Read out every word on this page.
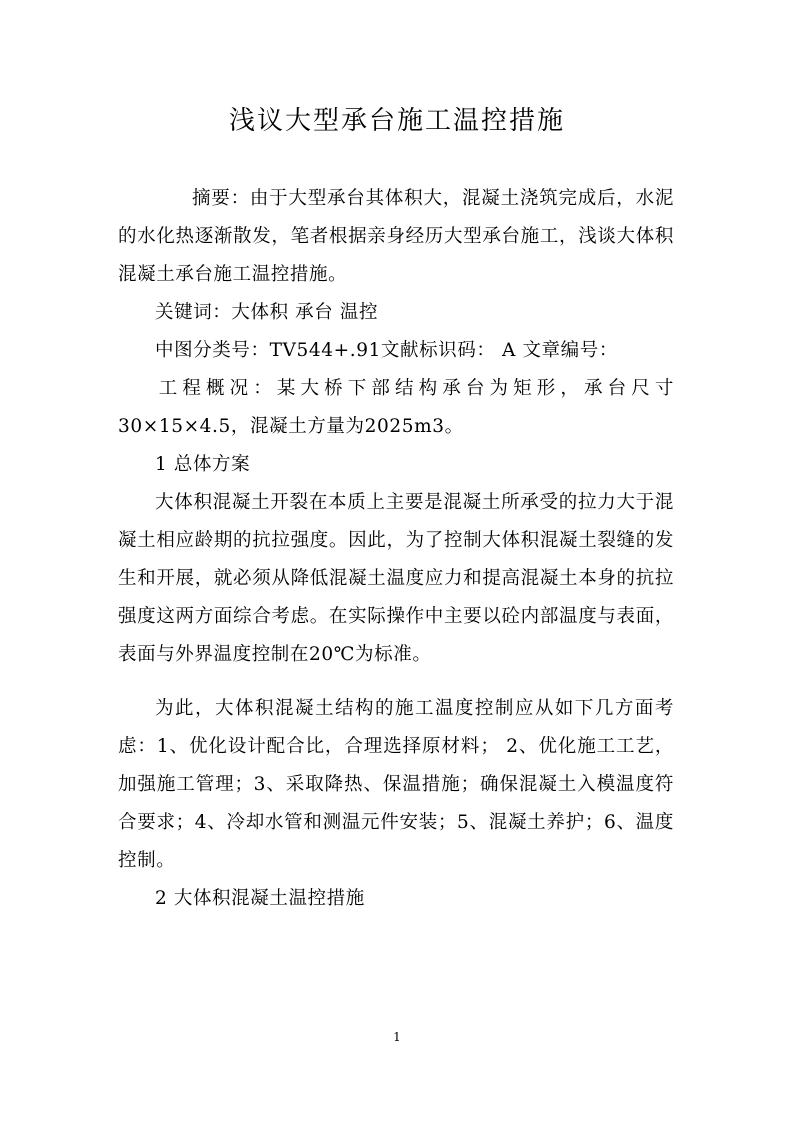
浅议大型承台施工温控措施

摘要：由于大型承台其体积大，混凝土浇筑完成后，水泥的水化热逐渐散发，笔者根据亲身经历大型承台施工，浅谈大体积混凝土承台施工温控措施。

关键词：大体积 承台 温控

中图分类号：TV544+.91文献标识码： A 文章编号：

工程概况：某大桥下部结构承台为矩形，承台尺寸30×15×4.5，混凝土方量为2025m3。

1 总体方案

大体积混凝土开裂在本质上主要是混凝土所承受的拉力大于混凝土相应龄期的抗拉强度。因此，为了控制大体积混凝土裂缝的发生和开展，就必须从降低混凝土温度应力和提高混凝土本身的抗拉强度这两方面综合考虑。在实际操作中主要以砼内部温度与表面，表面与外界温度控制在20℃为标准。

为此，大体积混凝土结构的施工温度控制应从如下几方面考虑：1、优化设计配合比，合理选择原材料； 2、优化施工工艺，加强施工管理；3、采取降热、保温措施；确保混凝土入模温度符合要求；4、冷却水管和测温元件安装；5、混凝土养护；6、温度控制。

2 大体积混凝土温控措施

1
